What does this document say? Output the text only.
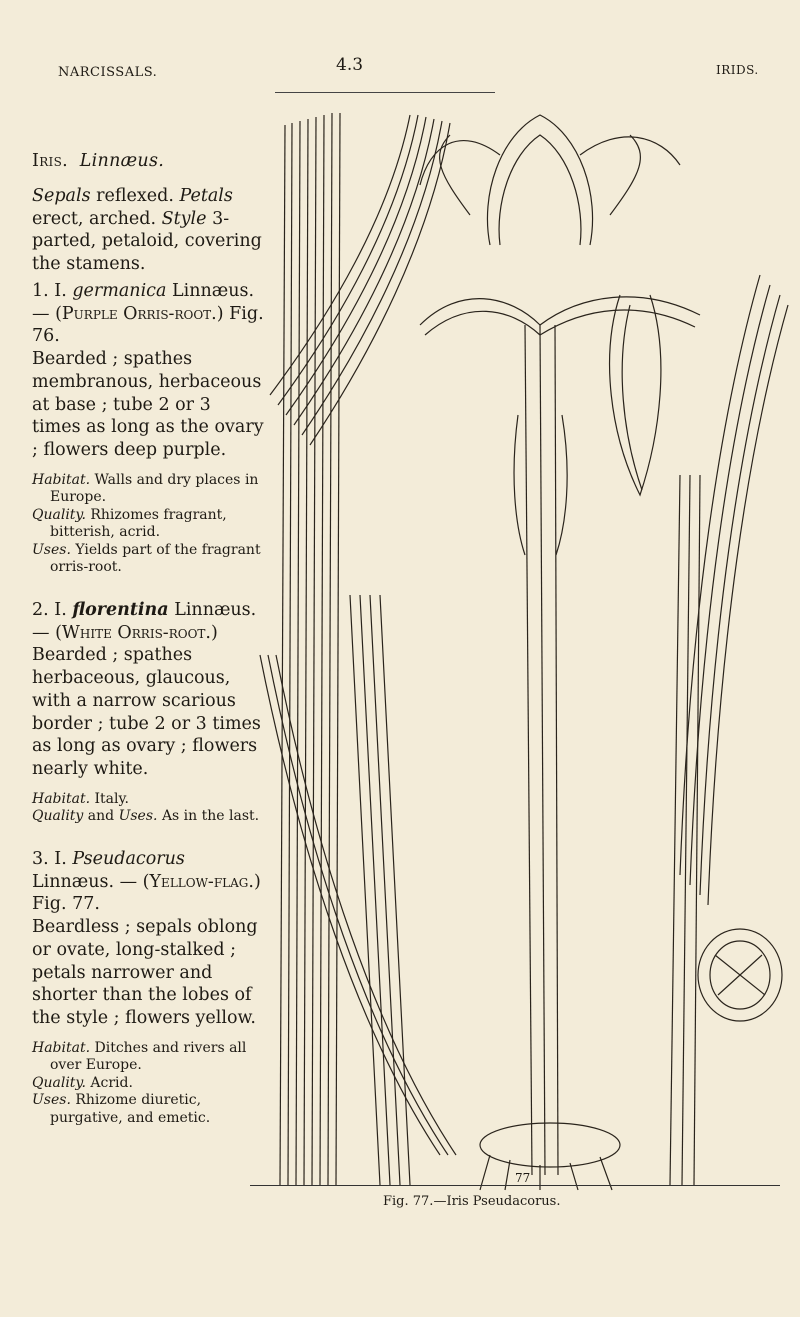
NARCISSALS.	4.3	IRIDS.

Iris. Linnæus.

Sepals reflexed. Petals erect, arched. Style 3-parted, petaloid, covering the stamens.

1. I. germanica Linnæus. — (Purple Orris-root.) Fig. 76.

Bearded ; spathes membranous, herbaceous at base ; tube 2 or 3 times as long as the ovary ; flowers deep purple.

Habitat. Walls and dry places in Europe.

Quality. Rhizomes fragrant, bitterish, acrid.

Uses. Yields part of the fragrant orris-root.

2. I. florentina Linnæus. — (White Orris-root.)

Bearded ; spathes herbaceous, glaucous, with a narrow scarious border ; tube 2 or 3 times as long as ovary ; flowers nearly white.

Habitat. Italy.

Quality and Uses. As in the last.

3. I. Pseudacorus Linnæus. — (Yellow-flag.) Fig. 77.

Beardless ; sepals oblong or ovate, long-stalked ; petals narrower and shorter than the lobes of the style ; flowers yellow.

Habitat. Ditches and rivers all over Europe.

Quality. Acrid.

Uses. Rhizome diuretic, purgative, and emetic.

77
Fig. 77.—Iris Pseudacorus.
